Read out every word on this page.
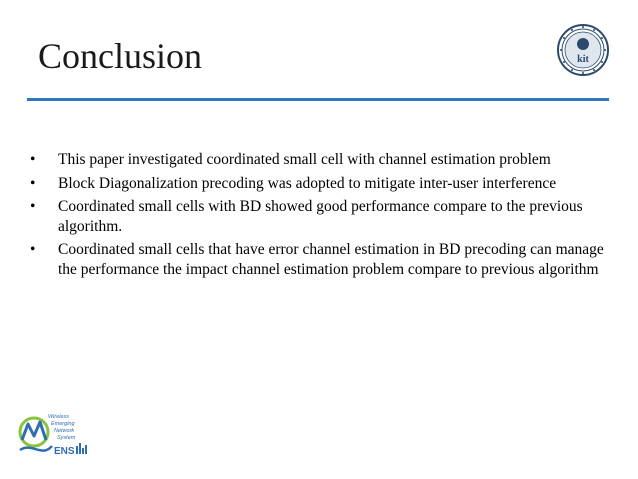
Conclusion	kit
•	This paper investigated coordinated small cell with channel estimation problem
•	Block Diagonalization precoding was adopted to mitigate inter-user interference
•	Coordinated small cells with BD showed good performance compare to the previous algorithm.
•	Coordinated small cells that have error channel estimation in BD precoding can manage the performance the impact channel estimation problem compare to previous algorithm
Wireless
Emerging
Network
System
ENS
